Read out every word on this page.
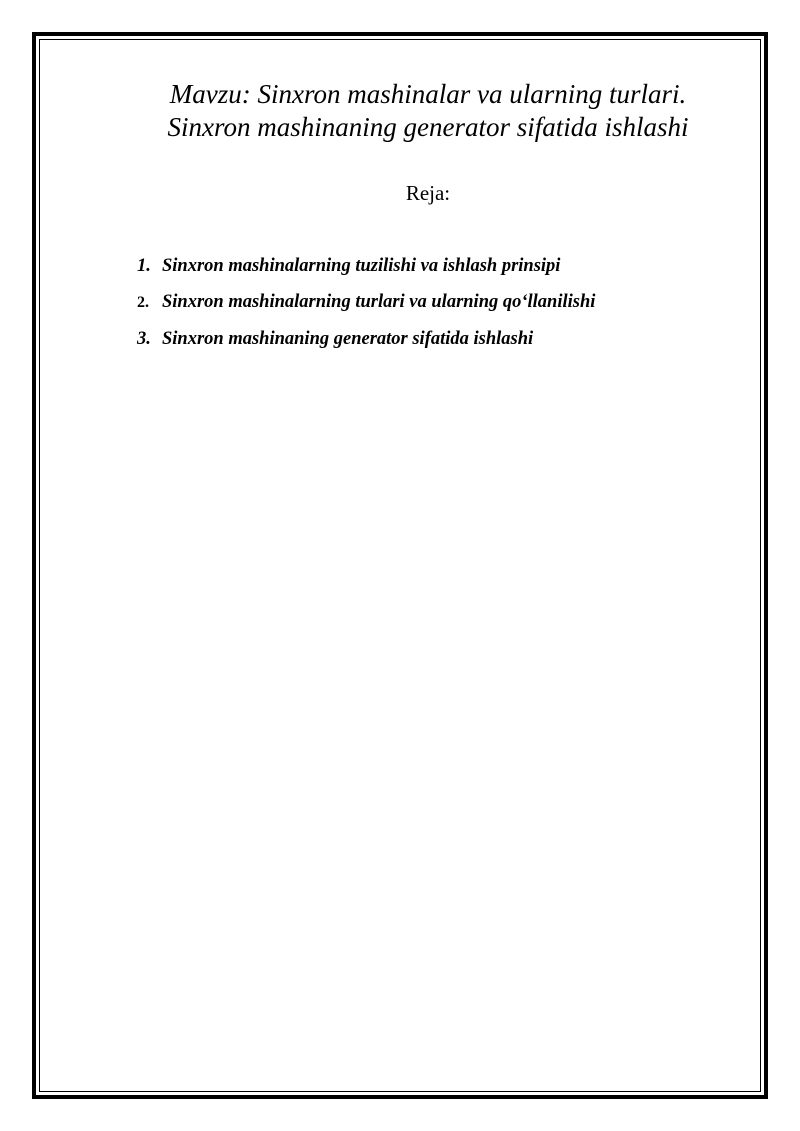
Mavzu: Sinxron mashinalar va ularning turlari.
Sinxron mashinaning generator sifatida ishlashi
Reja:
1. Sinxron mashinalarning tuzilishi va ishlash prinsipi
2. Sinxron mashinalarning turlari va ularning qo‘llanilishi
3. Sinxron mashinaning generator sifatida ishlashi
